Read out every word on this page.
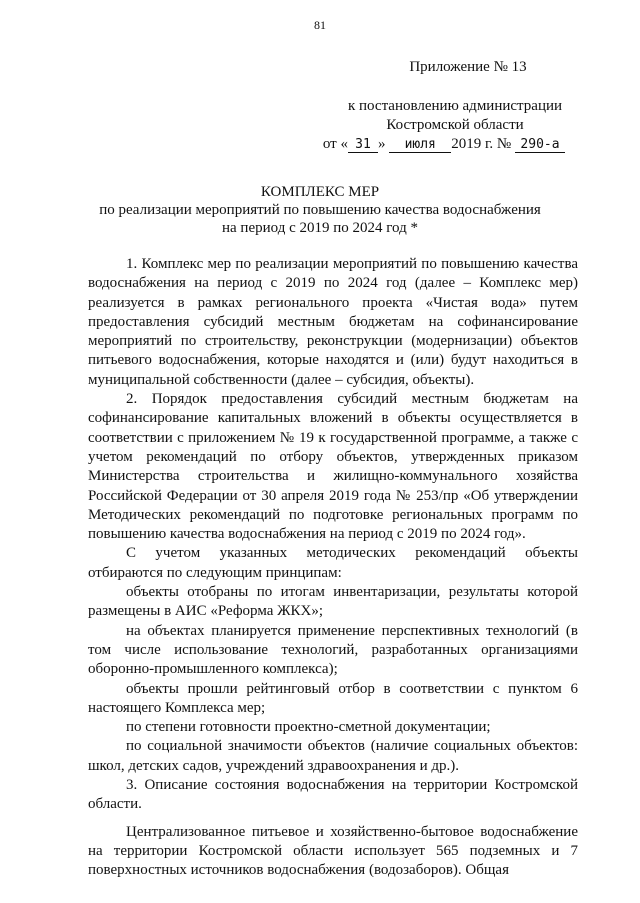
81
Приложение № 13
к постановлению администрации
Костромской области
от « 31 » июля 2019 г. № 290-а
КОМПЛЕКС МЕР
по реализации мероприятий по повышению качества водоснабжения
на период с 2019 по 2024 год *

1. Комплекс мер по реализации мероприятий по повышению качества водоснабжения на период с 2019 по 2024 год (далее – Комплекс мер) реализуется в рамках регионального проекта «Чистая вода» путем предоставления субсидий местным бюджетам на софинансирование мероприятий по строительству, реконструкции (модернизации) объектов питьевого водоснабжения, которые находятся и (или) будут находиться в муниципальной собственности (далее – субсидия, объекты).

2. Порядок предоставления субсидий местным бюджетам на софинансирование капитальных вложений в объекты осуществляется в соответствии с приложением № 19 к государственной программе, а также с учетом рекомендаций по отбору объектов, утвержденных приказом Министерства строительства и жилищно-коммунального хозяйства Российской Федерации от 30 апреля 2019 года № 253/пр «Об утверждении Методических рекомендаций по подготовке региональных программ по повышению качества водоснабжения на период с 2019 по 2024 год».

С учетом указанных методических рекомендаций объекты отбираются по следующим принципам:

объекты отобраны по итогам инвентаризации, результаты которой размещены в АИС «Реформа ЖКХ»;

на объектах планируется применение перспективных технологий (в том числе использование технологий, разработанных организациями оборонно-промышленного комплекса);

объекты прошли рейтинговый отбор в соответствии с пунктом 6 настоящего Комплекса мер;

по степени готовности проектно-сметной документации;

по социальной значимости объектов (наличие социальных объектов: школ, детских садов, учреждений здравоохранения и др.).

3. Описание состояния водоснабжения на территории Костромской области.

Централизованное питьевое и хозяйственно-бытовое водоснабжение на территории Костромской области использует 565 подземных и 7 поверхностных источников водоснабжения (водозаборов). Общая
